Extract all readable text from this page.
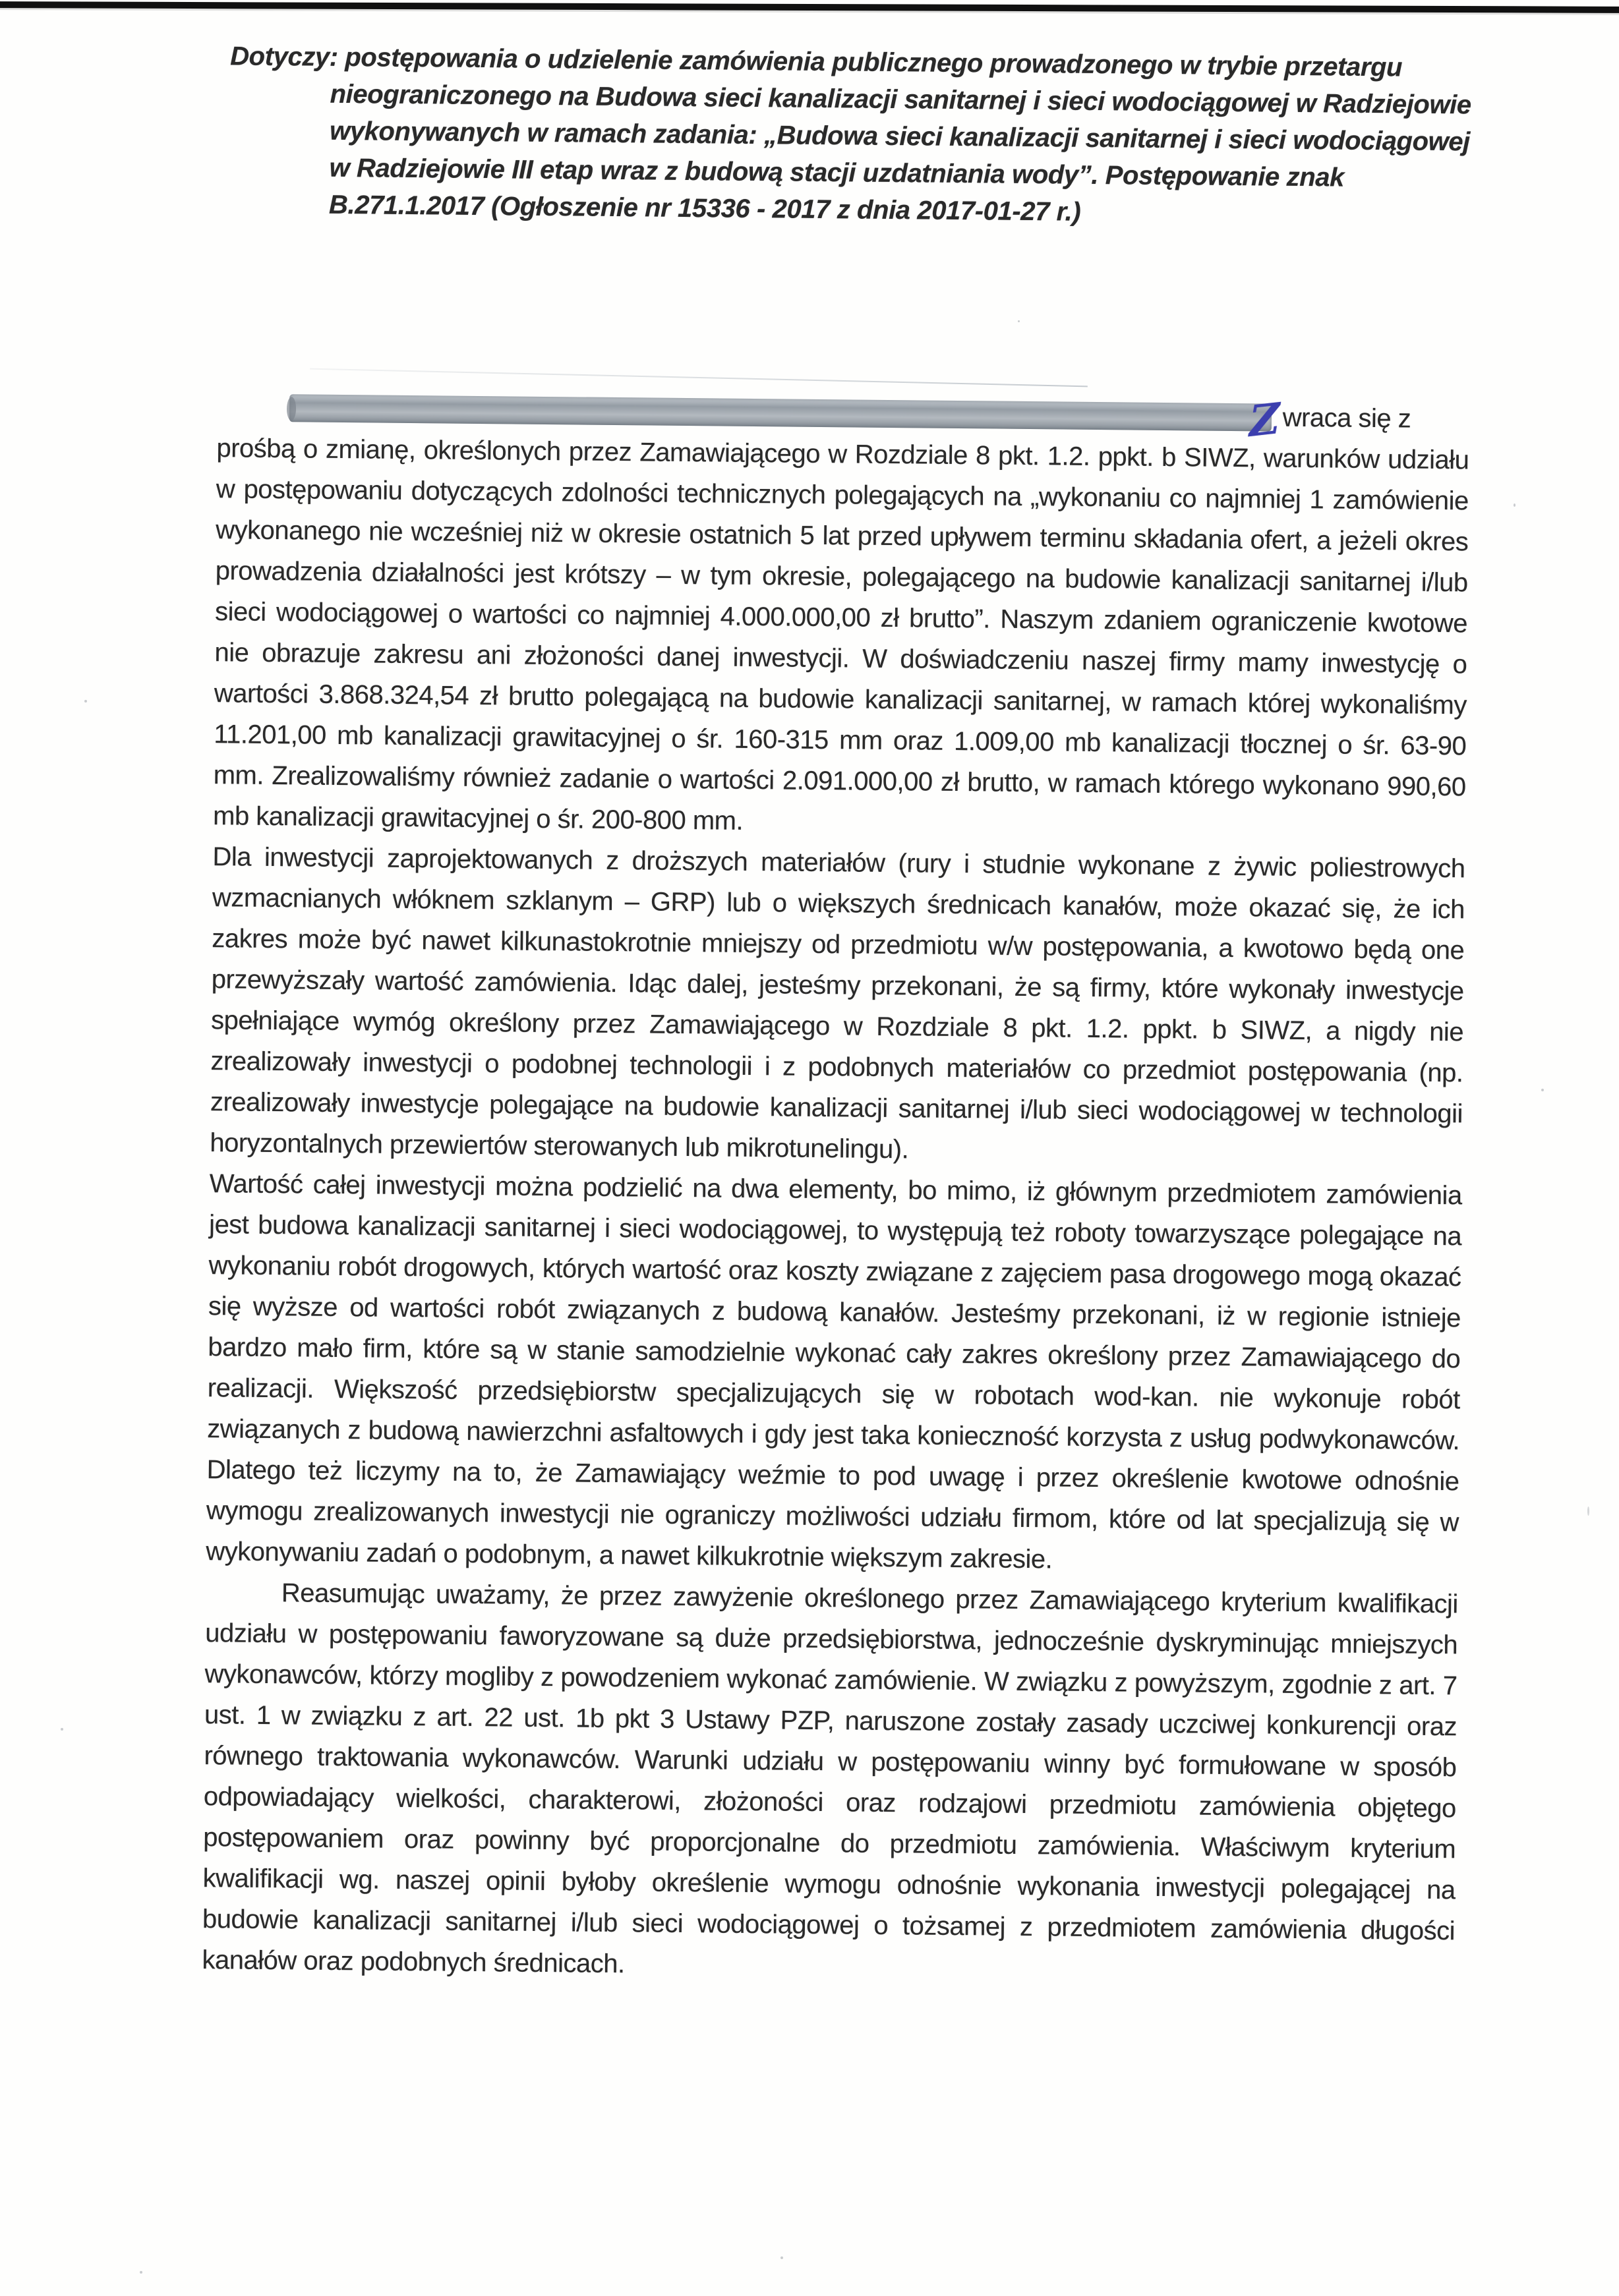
Dotyczy: postępowania o udzielenie zamówienia publicznego prowadzonego w trybie przetargu nieograniczonego na Budowa sieci kanalizacji sanitarnej i sieci wodociągowej w Radziejowie wykonywanych w ramach zadania: „Budowa sieci kanalizacji sanitarnej i sieci wodociągowej w Radziejowie III etap wraz z budową stacji uzdatniania wody”. Postępowanie znak B.271.1.2017 (Ogłoszenie nr 15336 - 2017 z dnia 2017-01-27 r.)
Z wraca się z

prośbą o zmianę, określonych przez Zamawiającego w Rozdziale 8 pkt. 1.2. ppkt. b SIWZ, warunków udziału w postępowaniu dotyczących zdolności technicznych polegających na „wykonaniu co najmniej 1 zamówienie wykonanego nie wcześniej niż w okresie ostatnich 5 lat przed upływem terminu składania ofert, a jeżeli okres prowadzenia działalności jest krótszy – w tym okresie, polegającego na budowie kanalizacji sanitarnej i/lub sieci wodociągowej o wartości co najmniej 4.000.000,00 zł brutto”. Naszym zdaniem ograniczenie kwotowe nie obrazuje zakresu ani złożoności danej inwestycji. W doświadczeniu naszej firmy mamy inwestycję o wartości 3.868.324,54 zł brutto polegającą na budowie kanalizacji sanitarnej, w ramach której wykonaliśmy 11.201,00 mb kanalizacji grawitacyjnej o śr. 160-315 mm oraz 1.009,00 mb kanalizacji tłocznej o śr. 63-90 mm. Zrealizowaliśmy również zadanie o wartości 2.091.000,00 zł brutto, w ramach którego wykonano 990,60 mb kanalizacji grawitacyjnej o śr. 200-800 mm.

Dla inwestycji zaprojektowanych z droższych materiałów (rury i studnie wykonane z żywic poliestrowych wzmacnianych włóknem szklanym – GRP) lub o większych średnicach kanałów, może okazać się, że ich zakres może być nawet kilkunastokrotnie mniejszy od przedmiotu w/w postępowania, a kwotowo będą one przewyższały wartość zamówienia. Idąc dalej, jesteśmy przekonani, że są firmy, które wykonały inwestycje spełniające wymóg określony przez Zamawiającego w Rozdziale 8 pkt. 1.2. ppkt. b SIWZ, a nigdy nie zrealizowały inwestycji o podobnej technologii i z podobnych materiałów co przedmiot postępowania (np. zrealizowały inwestycje polegające na budowie kanalizacji sanitarnej i/lub sieci wodociągowej w technologii horyzontalnych przewiertów sterowanych lub mikrotunelingu).

Wartość całej inwestycji można podzielić na dwa elementy, bo mimo, iż głównym przedmiotem zamówienia jest budowa kanalizacji sanitarnej i sieci wodociągowej, to występują też roboty towarzyszące polegające na wykonaniu robót drogowych, których wartość oraz koszty związane z zajęciem pasa drogowego mogą okazać się wyższe od wartości robót związanych z budową kanałów. Jesteśmy przekonani, iż w regionie istnieje bardzo mało firm, które są w stanie samodzielnie wykonać cały zakres określony przez Zamawiającego do realizacji. Większość przedsiębiorstw specjalizujących się w robotach wod-kan. nie wykonuje robót związanych z budową nawierzchni asfaltowych i gdy jest taka konieczność korzysta z usług podwykonawców. Dlatego też liczymy na to, że Zamawiający weźmie to pod uwagę i przez określenie kwotowe odnośnie wymogu zrealizowanych inwestycji nie ograniczy możliwości udziału firmom, które od lat specjalizują się w wykonywaniu zadań o podobnym, a nawet kilkukrotnie większym zakresie.

Reasumując uważamy, że przez zawyżenie określonego przez Zamawiającego kryterium kwalifikacji udziału w postępowaniu faworyzowane są duże przedsiębiorstwa, jednocześnie dyskryminując mniejszych wykonawców, którzy mogliby z powodzeniem wykonać zamówienie. W związku z powyższym, zgodnie z art. 7 ust. 1 w związku z art. 22 ust. 1b pkt 3 Ustawy PZP, naruszone zostały zasady uczciwej konkurencji oraz równego traktowania wykonawców. Warunki udziału w postępowaniu winny być formułowane w sposób odpowiadający wielkości, charakterowi, złożoności oraz rodzajowi przedmiotu zamówienia objętego postępowaniem oraz powinny być proporcjonalne do przedmiotu zamówienia. Właściwym kryterium kwalifikacji wg. naszej opinii byłoby określenie wymogu odnośnie wykonania inwestycji polegającej na budowie kanalizacji sanitarnej i/lub sieci wodociągowej o tożsamej z przedmiotem zamówienia długości kanałów oraz podobnych średnicach.
